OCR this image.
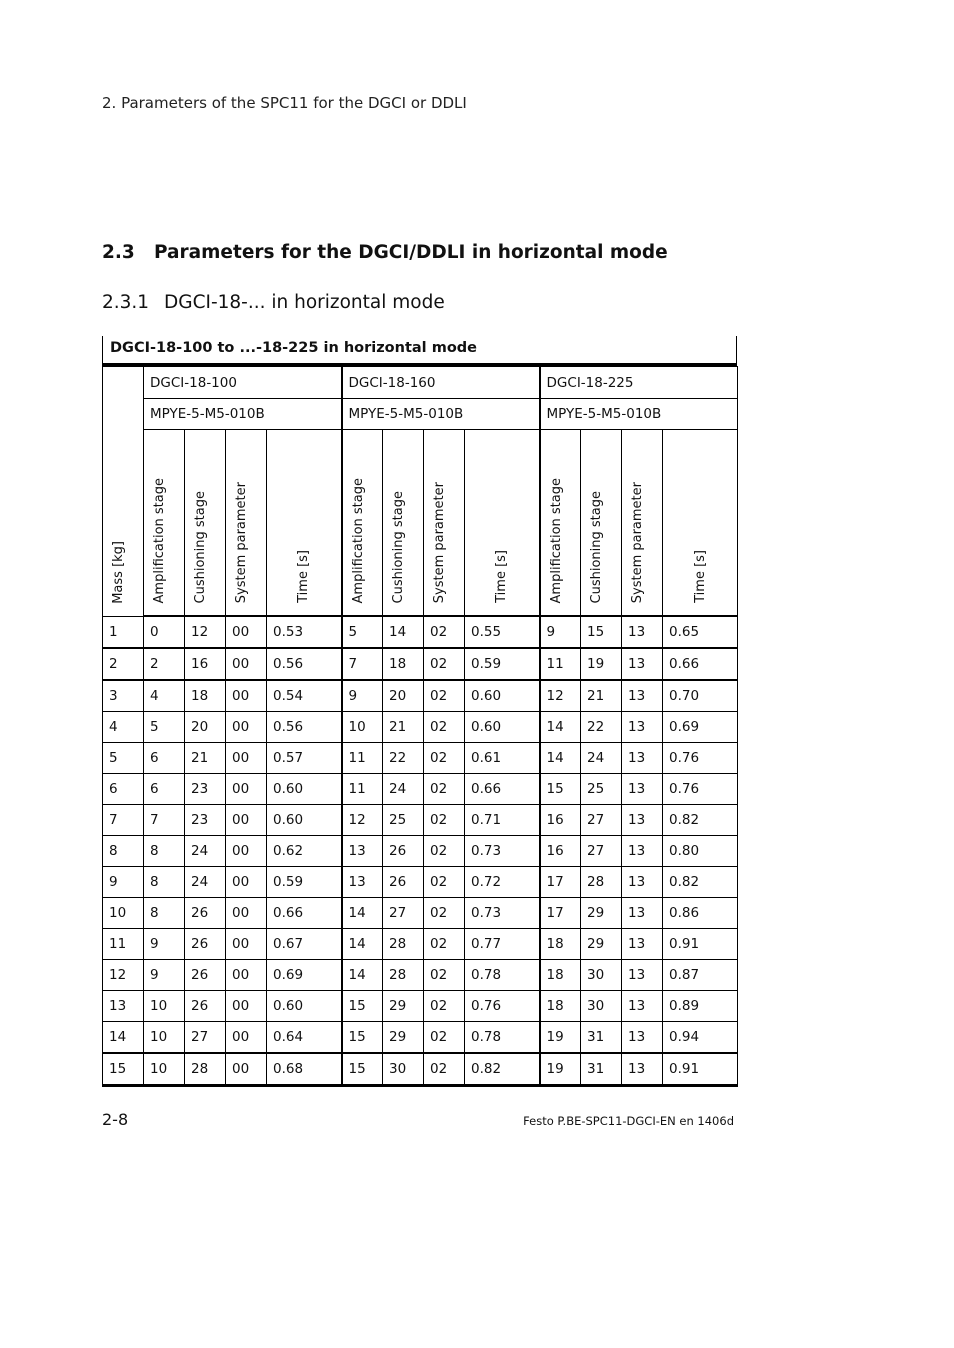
2. Parameters of the SPC11 for the DGCI or DDLI
2.3 Parameters for the DGCI/DDLI in horizontal mode
2.3.1 DGCI-18-... in horizontal mode
DGCI-18-100 to ...-18-225 in horizontal mode
Mass [kg]	DGCI-18-100				DGCI-18-160				DGCI-18-225			
	MPYE-5-M5-010B				MPYE-5-M5-010B				MPYE-5-M5-010B			
	Amplification stage	Cushioning stage	System parameter	Time [s]	Amplification stage	Cushioning stage	System parameter	Time [s]	Amplification stage	Cushioning stage	System parameter	Time [s]
1	0	12	00	0.53	5	14	02	0.55	9	15	13	0.65
2	2	16	00	0.56	7	18	02	0.59	11	19	13	0.66
3	4	18	00	0.54	9	20	02	0.60	12	21	13	0.70
4	5	20	00	0.56	10	21	02	0.60	14	22	13	0.69
5	6	21	00	0.57	11	22	02	0.61	14	24	13	0.76
6	6	23	00	0.60	11	24	02	0.66	15	25	13	0.76
7	7	23	00	0.60	12	25	02	0.71	16	27	13	0.82
8	8	24	00	0.62	13	26	02	0.73	16	27	13	0.80
9	8	24	00	0.59	13	26	02	0.72	17	28	13	0.82
10	8	26	00	0.66	14	27	02	0.73	17	29	13	0.86
11	9	26	00	0.67	14	28	02	0.77	18	29	13	0.91
12	9	26	00	0.69	14	28	02	0.78	18	30	13	0.87
13	10	26	00	0.60	15	29	02	0.76	18	30	13	0.89
14	10	27	00	0.64	15	29	02	0.78	19	31	13	0.94
15	10	28	00	0.68	15	30	02	0.82	19	31	13	0.91
2-8	Festo P.BE-SPC11-DGCI-EN en 1406d
